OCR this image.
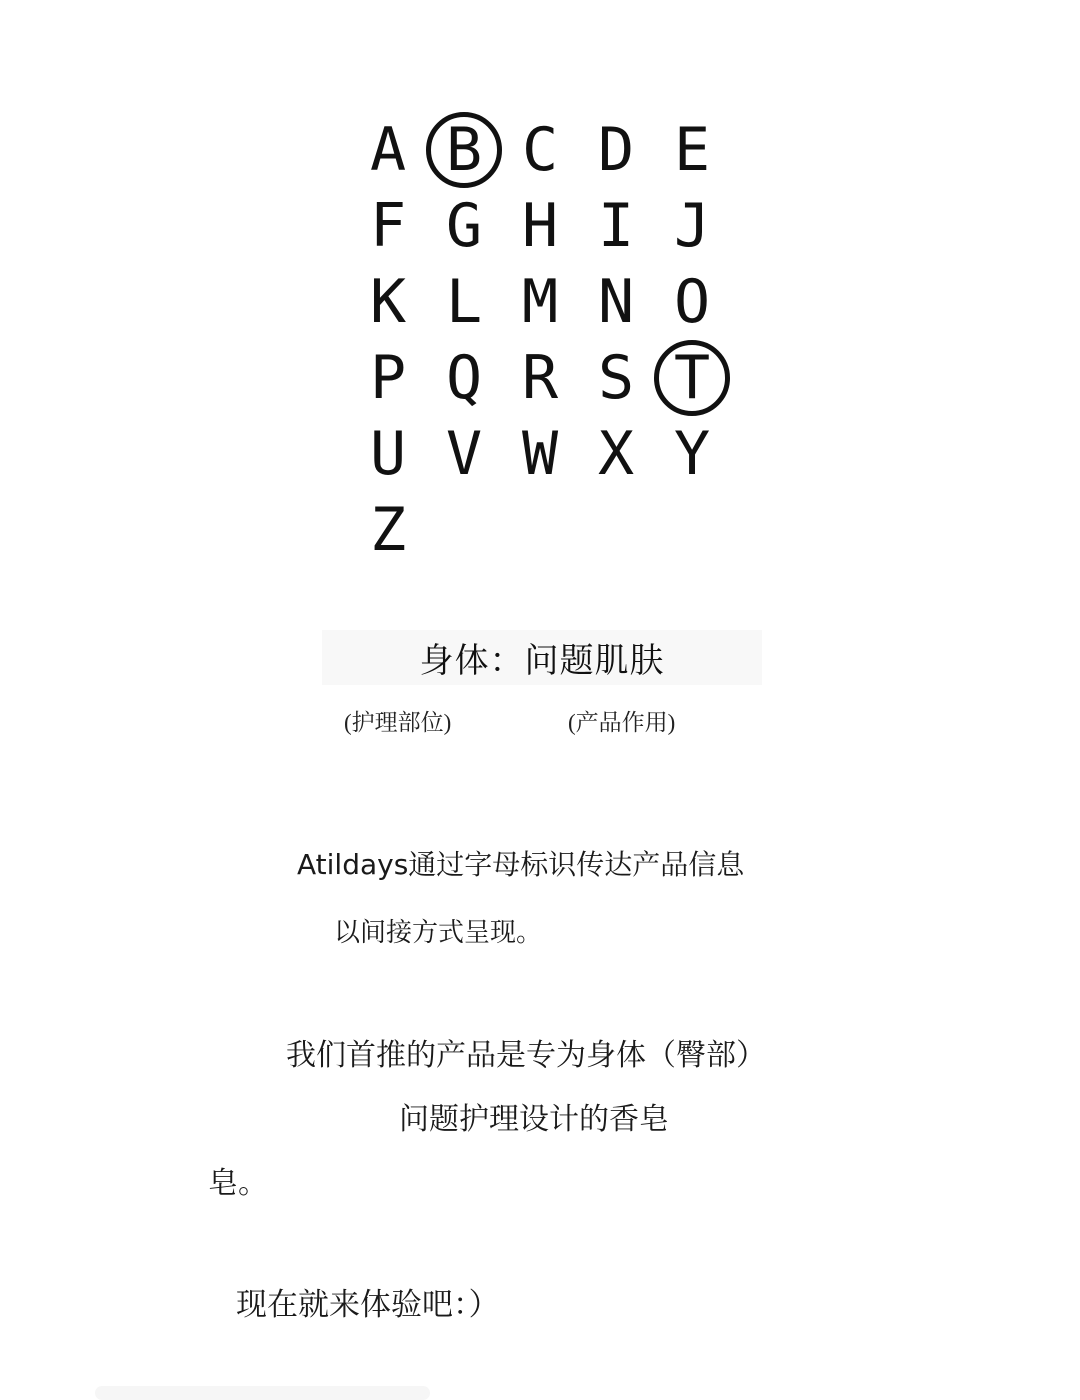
A B C D E
F G H I J
K L M N O
P Q R S T
U V W X Y
Z
身体：问题肌肤
(护理部位)	(产品作用)

Atildays通过字母标识传达产品信息

以间接方式呈现。

我们首推的产品是专为身体（臀部）

问题护理设计的香皂

皂。

现在就来体验吧：）
